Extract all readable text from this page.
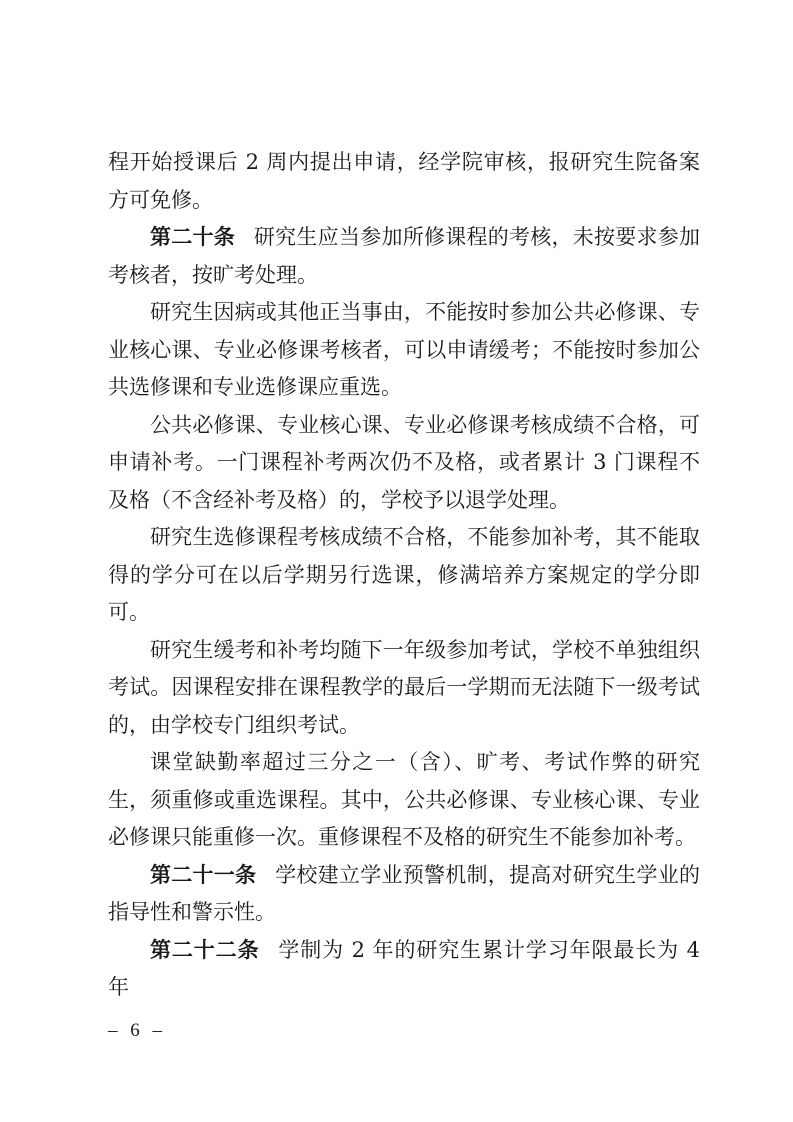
程开始授课后 2 周内提出申请，经学院审核，报研究生院备案方可免修。

第二十条 研究生应当参加所修课程的考核，未按要求参加考核者，按旷考处理。

研究生因病或其他正当事由，不能按时参加公共必修课、专业核心课、专业必修课考核者，可以申请缓考；不能按时参加公共选修课和专业选修课应重选。

公共必修课、专业核心课、专业必修课考核成绩不合格，可申请补考。一门课程补考两次仍不及格，或者累计 3 门课程不及格（不含经补考及格）的，学校予以退学处理。

研究生选修课程考核成绩不合格，不能参加补考，其不能取得的学分可在以后学期另行选课，修满培养方案规定的学分即可。

研究生缓考和补考均随下一年级参加考试，学校不单独组织考试。因课程安排在课程教学的最后一学期而无法随下一级考试的，由学校专门组织考试。

课堂缺勤率超过三分之一（含）、旷考、考试作弊的研究生，须重修或重选课程。其中，公共必修课、专业核心课、专业必修课只能重修一次。重修课程不及格的研究生不能参加补考。

第二十一条 学校建立学业预警机制，提高对研究生学业的指导性和警示性。

第二十二条 学制为 2 年的研究生累计学习年限最长为 4 年

– 6 –
